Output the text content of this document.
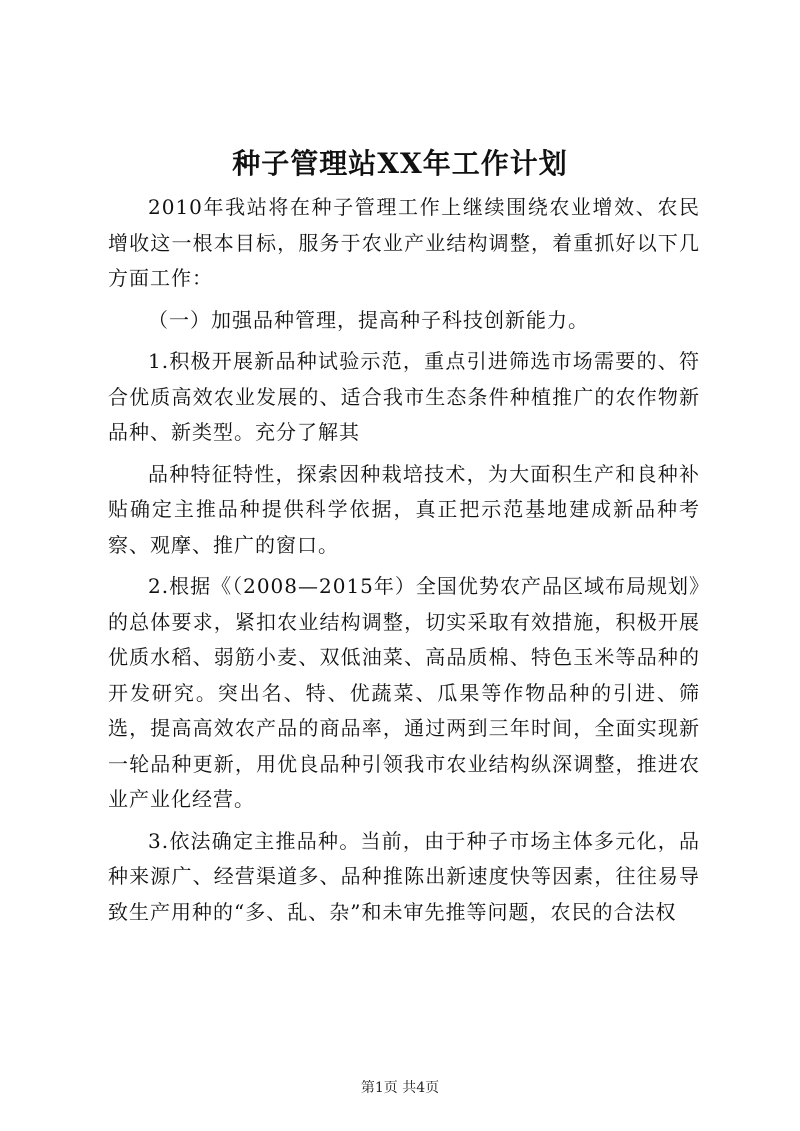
种子管理站XX年工作计划

2010年我站将在种子管理工作上继续围绕农业增效、农民增收这一根本目标，服务于农业产业结构调整，着重抓好以下几方面工作：

（一）加强品种管理，提高种子科技创新能力。

1.积极开展新品种试验示范，重点引进筛选市场需要的、符合优质高效农业发展的、适合我市生态条件种植推广的农作物新品种、新类型。充分了解其

品种特征特性，探索因种栽培技术，为大面积生产和良种补贴确定主推品种提供科学依据，真正把示范基地建成新品种考察、观摩、推广的窗口。

2.根据《（2008—2015年）全国优势农产品区域布局规划》的总体要求，紧扣农业结构调整，切实采取有效措施，积极开展优质水稻、弱筋小麦、双低油菜、高品质棉、特色玉米等品种的开发研究。突出名、特、优蔬菜、瓜果等作物品种的引进、筛选，提高高效农产品的商品率，通过两到三年时间，全面实现新一轮品种更新，用优良品种引领我市农业结构纵深调整，推进农业产业化经营。

3.依法确定主推品种。当前，由于种子市场主体多元化，品种来源广、经营渠道多、品种推陈出新速度快等因素，往往易导致生产用种的“多、乱、杂”和未审先推等问题，农民的合法权

第1页 共4页
